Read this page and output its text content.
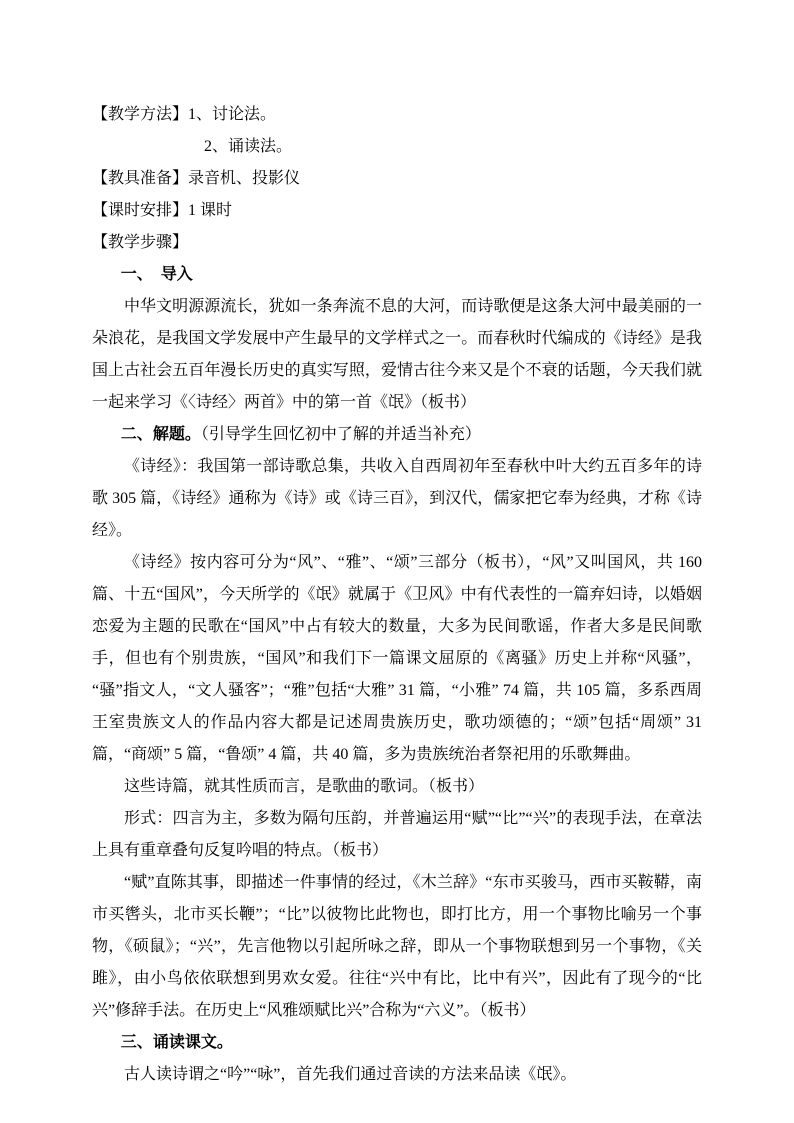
【教学方法】1、讨论法。

2、诵读法。

【教具准备】录音机、投影仪

【课时安排】1 课时

【教学步骤】

一、　导入

中华文明源源流长，犹如一条奔流不息的大河，而诗歌便是这条大河中最美丽的一朵浪花，是我国文学发展中产生最早的文学样式之一。而春秋时代编成的《诗经》是我国上古社会五百年漫长历史的真实写照，爱情古往今来又是个不衰的话题，今天我们就一起来学习《〈诗经〉两首》中的第一首《氓》（板书）

二、解题。（引导学生回忆初中了解的并适当补充）

《诗经》：我国第一部诗歌总集，共收入自西周初年至春秋中叶大约五百多年的诗歌 305 篇，《诗经》通称为《诗》或《诗三百》，到汉代，儒家把它奉为经典，才称《诗经》。

《诗经》按内容可分为“风”、“雅”、“颂”三部分（板书），“风”又叫国风，共 160 篇、十五“国风”，今天所学的《氓》就属于《卫风》中有代表性的一篇弃妇诗，以婚姻恋爱为主题的民歌在“国风”中占有较大的数量，大多为民间歌谣，作者大多是民间歌手，但也有个别贵族，“国风”和我们下一篇课文屈原的《离骚》历史上并称“风骚”，“骚”指文人，“文人骚客”；“雅”包括“大雅” 31 篇，“小雅” 74 篇，共 105 篇，多系西周王室贵族文人的作品内容大都是记述周贵族历史，歌功颂德的；“颂”包括“周颂” 31 篇，“商颂” 5 篇，“鲁颂” 4 篇，共 40 篇，多为贵族统治者祭祀用的乐歌舞曲。

这些诗篇，就其性质而言，是歌曲的歌词。（板书）

形式：四言为主，多数为隔句压韵，并普遍运用“赋”“比”“兴”的表现手法，在章法上具有重章叠句反复吟唱的特点。（板书）

“赋”直陈其事，即描述一件事情的经过，《木兰辞》“东市买骏马，西市买鞍鞯，南市买辔头，北市买长鞭”；“比”以彼物比此物也，即打比方，用一个事物比喻另一个事物，《硕鼠》；“兴”，先言他物以引起所咏之辞，即从一个事物联想到另一个事物，《关雎》，由小鸟依依联想到男欢女爱。往往“兴中有比，比中有兴”，因此有了现今的“比兴”修辞手法。在历史上“风雅颂赋比兴”合称为“六义”。（板书）

三、诵读课文。

古人读诗谓之“吟”“咏”，首先我们通过音读的方法来品读《氓》。
